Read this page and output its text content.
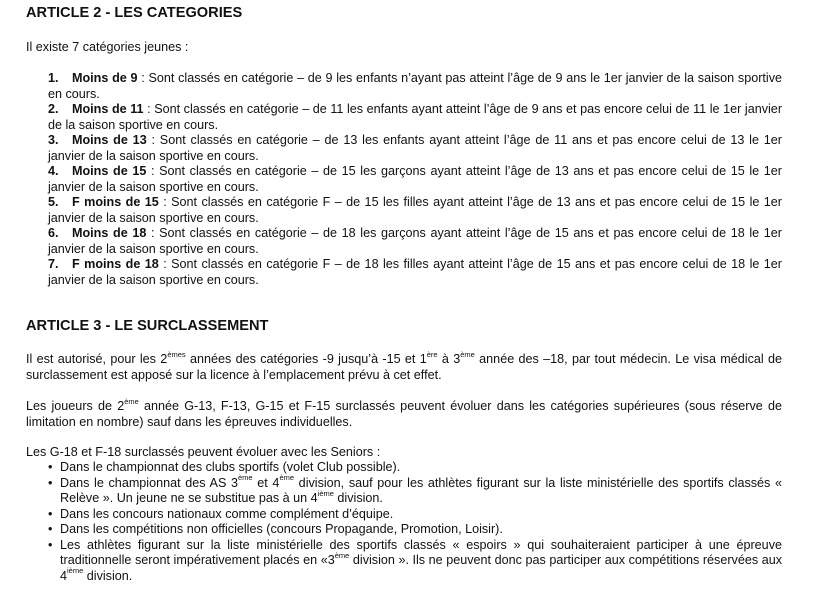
ARTICLE 2 - LES CATEGORIES

Il existe 7 catégories jeunes :

1. Moins de 9 : Sont classés en catégorie – de 9 les enfants n’ayant pas atteint l’âge de 9 ans le 1er janvier de la saison sportive en cours.
2. Moins de 11 : Sont classés en catégorie – de 11 les enfants ayant atteint l’âge de 9 ans et pas encore celui de 11 le 1er janvier de la saison sportive en cours.
3. Moins de 13 : Sont classés en catégorie – de 13 les enfants ayant atteint l’âge de 11 ans et pas encore celui de 13 le 1er janvier de la saison sportive en cours.
4. Moins de 15 : Sont classés en catégorie – de 15 les garçons ayant atteint l’âge de 13 ans et pas encore celui de 15 le 1er janvier de la saison sportive en cours.
5. F moins de 15 : Sont classés en catégorie F – de 15 les filles ayant atteint l’âge de 13 ans et pas encore celui de 15 le 1er janvier de la saison sportive en cours.
6. Moins de 18 : Sont classés en catégorie – de 18 les garçons ayant atteint l’âge de 15 ans et pas encore celui de 18 le 1er janvier de la saison sportive en cours.
7. F moins de 18 : Sont classés en catégorie F – de 18 les filles ayant atteint l’âge de 15 ans et pas encore celui de 18 le 1er janvier de la saison sportive en cours.
ARTICLE 3 - LE SURCLASSEMENT

Il est autorisé, pour les 2èmes années des catégories -9 jusqu’à -15 et 1ère à 3ème année des –18, par tout médecin. Le visa médical de surclassement est apposé sur la licence à l’emplacement prévu à cet effet.

Les joueurs de 2ème année G-13, F-13, G-15 et F-15 surclassés peuvent évoluer dans les catégories supérieures (sous réserve de limitation en nombre) sauf dans les épreuves individuelles.

Les G-18 et F-18 surclassés peuvent évoluer avec les Seniors :

• Dans le championnat des clubs sportifs (volet Club possible).
• Dans le championnat des AS 3ème et 4ème division, sauf pour les athlètes figurant sur la liste ministérielle des sportifs classés « Relève ». Un jeune ne se substitue pas à un 4ième division.
• Dans les concours nationaux comme complément d’équipe.
• Dans les compétitions non officielles (concours Propagande, Promotion, Loisir).
• Les athlètes figurant sur la liste ministérielle des sportifs classés « espoirs » qui souhaiteraient participer à une épreuve traditionnelle seront impérativement placés en «3ème division ». Ils ne peuvent donc pas participer aux compétitions réservées aux 4ième division.
